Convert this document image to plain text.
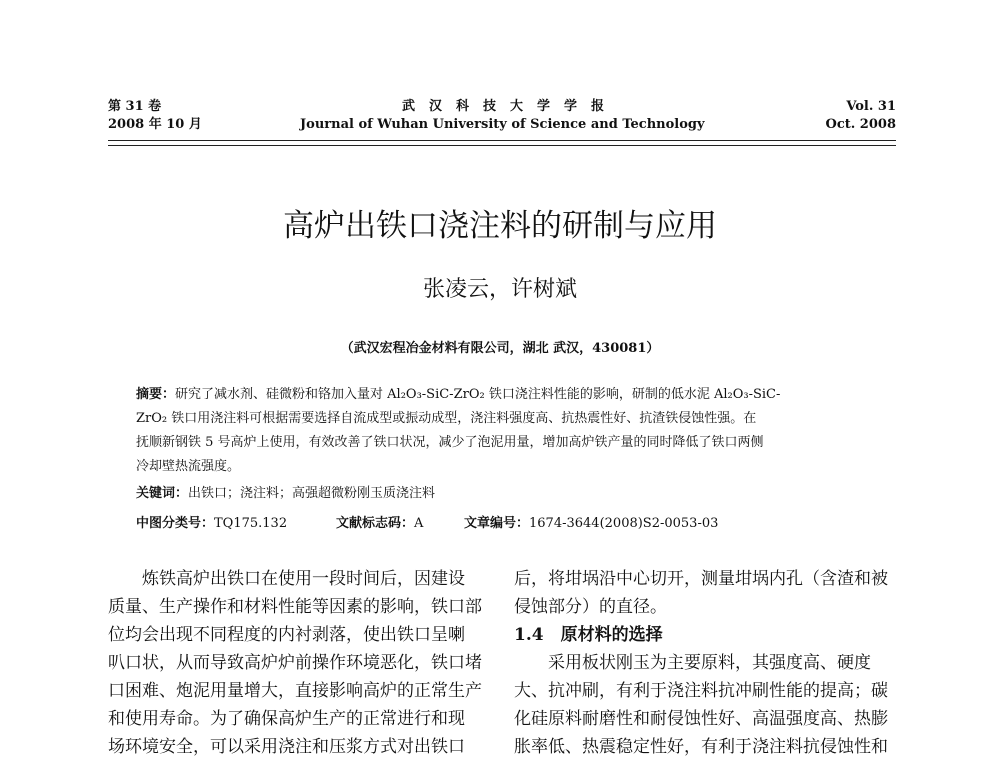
第 31 卷
2008 年 10 月
武汉科技大学学报
Journal of Wuhan University of Science and Technology
Vol. 31
Oct. 2008
高炉出铁口浇注料的研制与应用
张凌云，许树斌
（武汉宏程冶金材料有限公司，湖北 武汉，430081）
摘要：研究了减水剂、硅微粉和铬加入量对 Al₂O₃-SiC-ZrO₂ 铁口浇注料性能的影响，研制的低水泥 Al₂O₃-SiC-
ZrO₂ 铁口用浇注料可根据需要选择自流成型或振动成型，浇注料强度高、抗热震性好、抗渣铁侵蚀性强。在
抚顺新钢铁 5 号高炉上使用，有效改善了铁口状况，减少了泡泥用量，增加高炉铁产量的同时降低了铁口两侧
冷却壁热流强度。
关键词：出铁口；浇注料；高强超微粉刚玉质浇注料
中图分类号：TQ175.132	文献标志码：A	文章编号：1674-3644(2008)S2-0053-03
　　炼铁高炉出铁口在使用一段时间后，因建设
质量、生产操作和材料性能等因素的影响，铁口部
位均会出现不同程度的内衬剥落，使出铁口呈喇
叭口状，从而导致高炉炉前操作环境恶化，铁口堵
口困难、炮泥用量增大，直接影响高炉的正常生产
和使用寿命。为了确保高炉生产的正常进行和现
场环境安全，可以采用浇注和压浆方式对出铁口
后，将坩埚沿中心切开，测量坩埚内孔（含渣和被
侵蚀部分）的直径。
1.4　原材料的选择
　　采用板状刚玉为主要原料，其强度高、硬度
大、抗冲刷，有利于浇注料抗冲刷性能的提高；碳
化硅原料耐磨性和耐侵蚀性好、高温强度高、热膨
胀率低、热震稳定性好，有利于浇注料抗侵蚀性和
